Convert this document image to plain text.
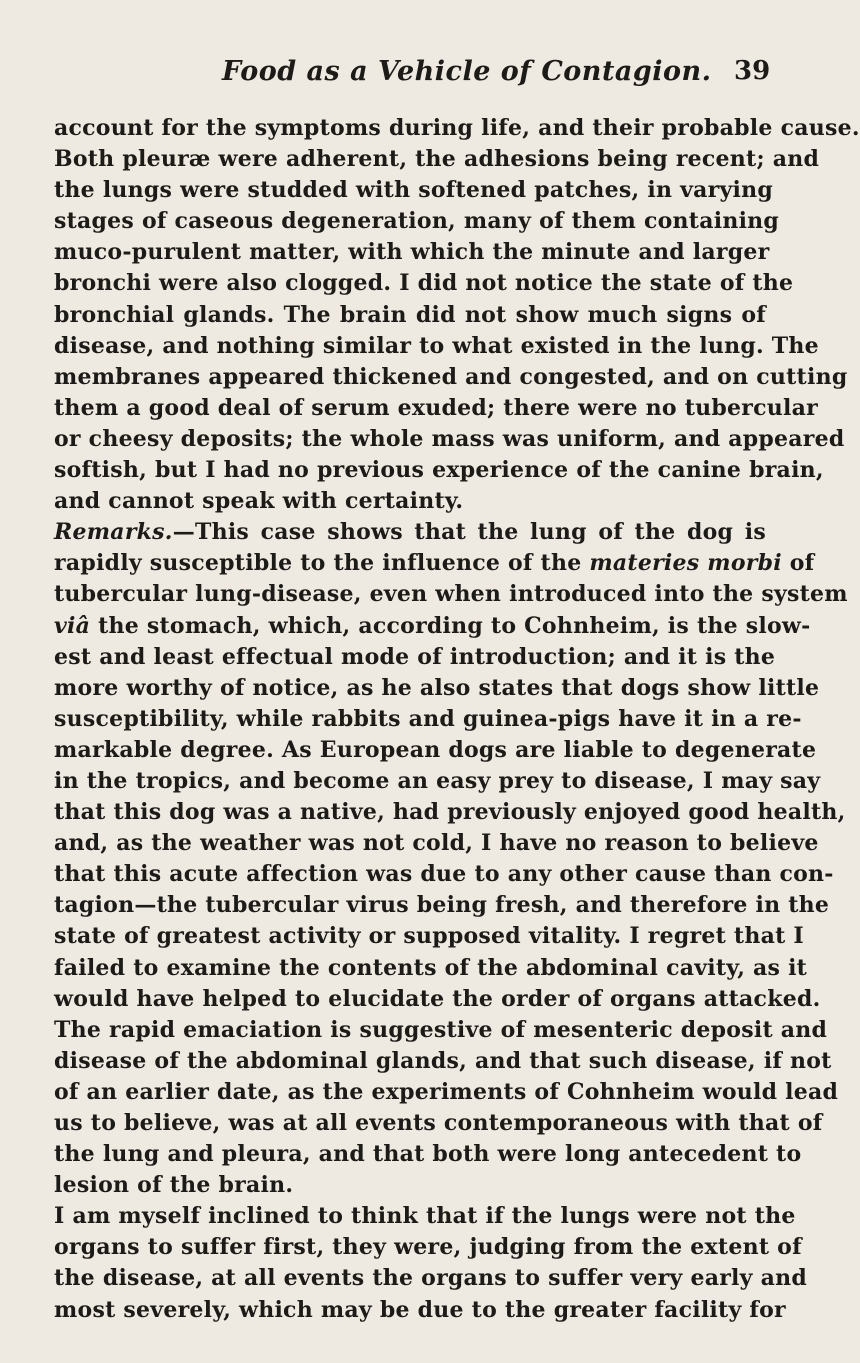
Food as a Vehicle of Contagion. 39
account for the symptoms during life, and their probable cause.
Both pleuræ were adherent, the adhesions being recent; and
the lungs were studded with softened patches, in varying
stages of caseous degeneration, many of them containing
muco-purulent matter, with which the minute and larger
bronchi were also clogged. I did not notice the state of the
bronchial glands. The brain did not show much signs of
disease, and nothing similar to what existed in the lung. The
membranes appeared thickened and congested, and on cutting
them a good deal of serum exuded; there were no tubercular
or cheesy deposits; the whole mass was uniform, and appeared
softish, but I had no previous experience of the canine brain,
and cannot speak with certainty.
Remarks.—This case shows that the lung of the dog is
rapidly susceptible to the influence of the materies morbi of
tubercular lung-disease, even when introduced into the system
viâ the stomach, which, according to Cohnheim, is the slow-
est and least effectual mode of introduction; and it is the
more worthy of notice, as he also states that dogs show little
susceptibility, while rabbits and guinea-pigs have it in a re-
markable degree. As European dogs are liable to degenerate
in the tropics, and become an easy prey to disease, I may say
that this dog was a native, had previously enjoyed good health,
and, as the weather was not cold, I have no reason to believe
that this acute affection was due to any other cause than con-
tagion—the tubercular virus being fresh, and therefore in the
state of greatest activity or supposed vitality. I regret that I
failed to examine the contents of the abdominal cavity, as it
would have helped to elucidate the order of organs attacked.
The rapid emaciation is suggestive of mesenteric deposit and
disease of the abdominal glands, and that such disease, if not
of an earlier date, as the experiments of Cohnheim would lead
us to believe, was at all events contemporaneous with that of
the lung and pleura, and that both were long antecedent to
lesion of the brain.
I am myself inclined to think that if the lungs were not the
organs to suffer first, they were, judging from the extent of
the disease, at all events the organs to suffer very early and
most severely, which may be due to the greater facility for
